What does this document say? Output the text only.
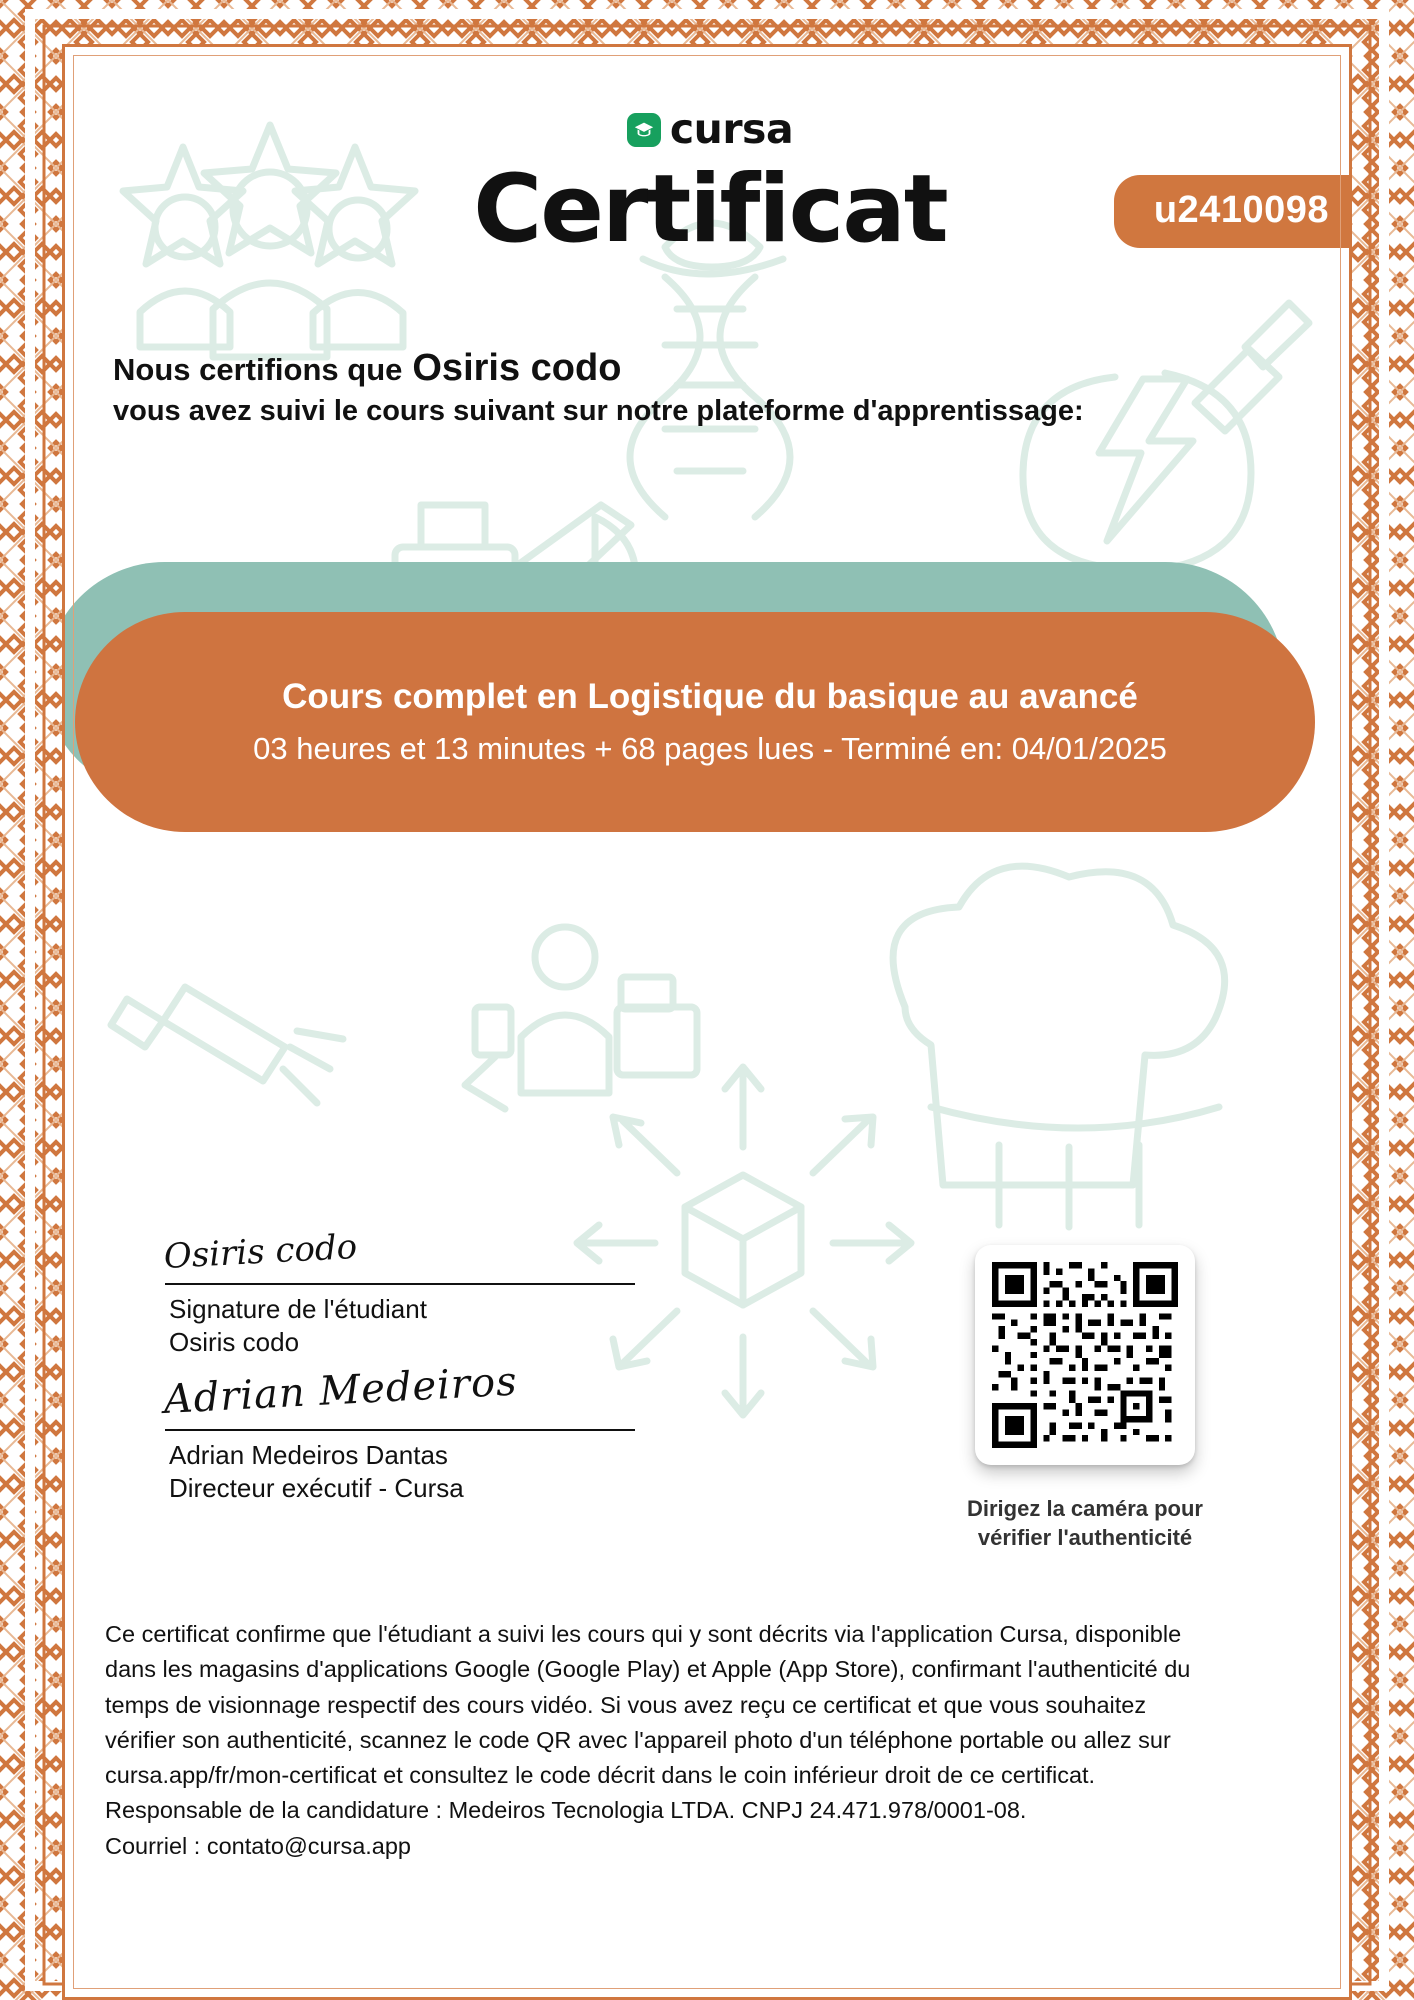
cursa
Certificat	u2410098
Nous certifions que Osiris codo
vous avez suivi le cours suivant sur notre plateforme d'apprentissage:
Cours complet en Logistique du basique au avancé
03 heures et 13 minutes + 68 pages lues - Terminé en: 04/01/2025
Osiris codo
Signature de l'étudiant
Osiris codo
Adrian Medeiros
Adrian Medeiros Dantas
Directeur exécutif - Cursa
Dirigez la caméra pour
vérifier l'authenticité
Ce certificat confirme que l'étudiant a suivi les cours qui y sont décrits via l'application Cursa, disponible
dans les magasins d'applications Google (Google Play) et Apple (App Store), confirmant l'authenticité du
temps de visionnage respectif des cours vidéo. Si vous avez reçu ce certificat et que vous souhaitez
vérifier son authenticité, scannez le code QR avec l'appareil photo d'un téléphone portable ou allez sur
cursa.app/fr/mon-certificat et consultez le code décrit dans le coin inférieur droit de ce certificat.
Responsable de la candidature : Medeiros Tecnologia LTDA. CNPJ 24.471.978/0001-08.
Courriel : contato@cursa.app
